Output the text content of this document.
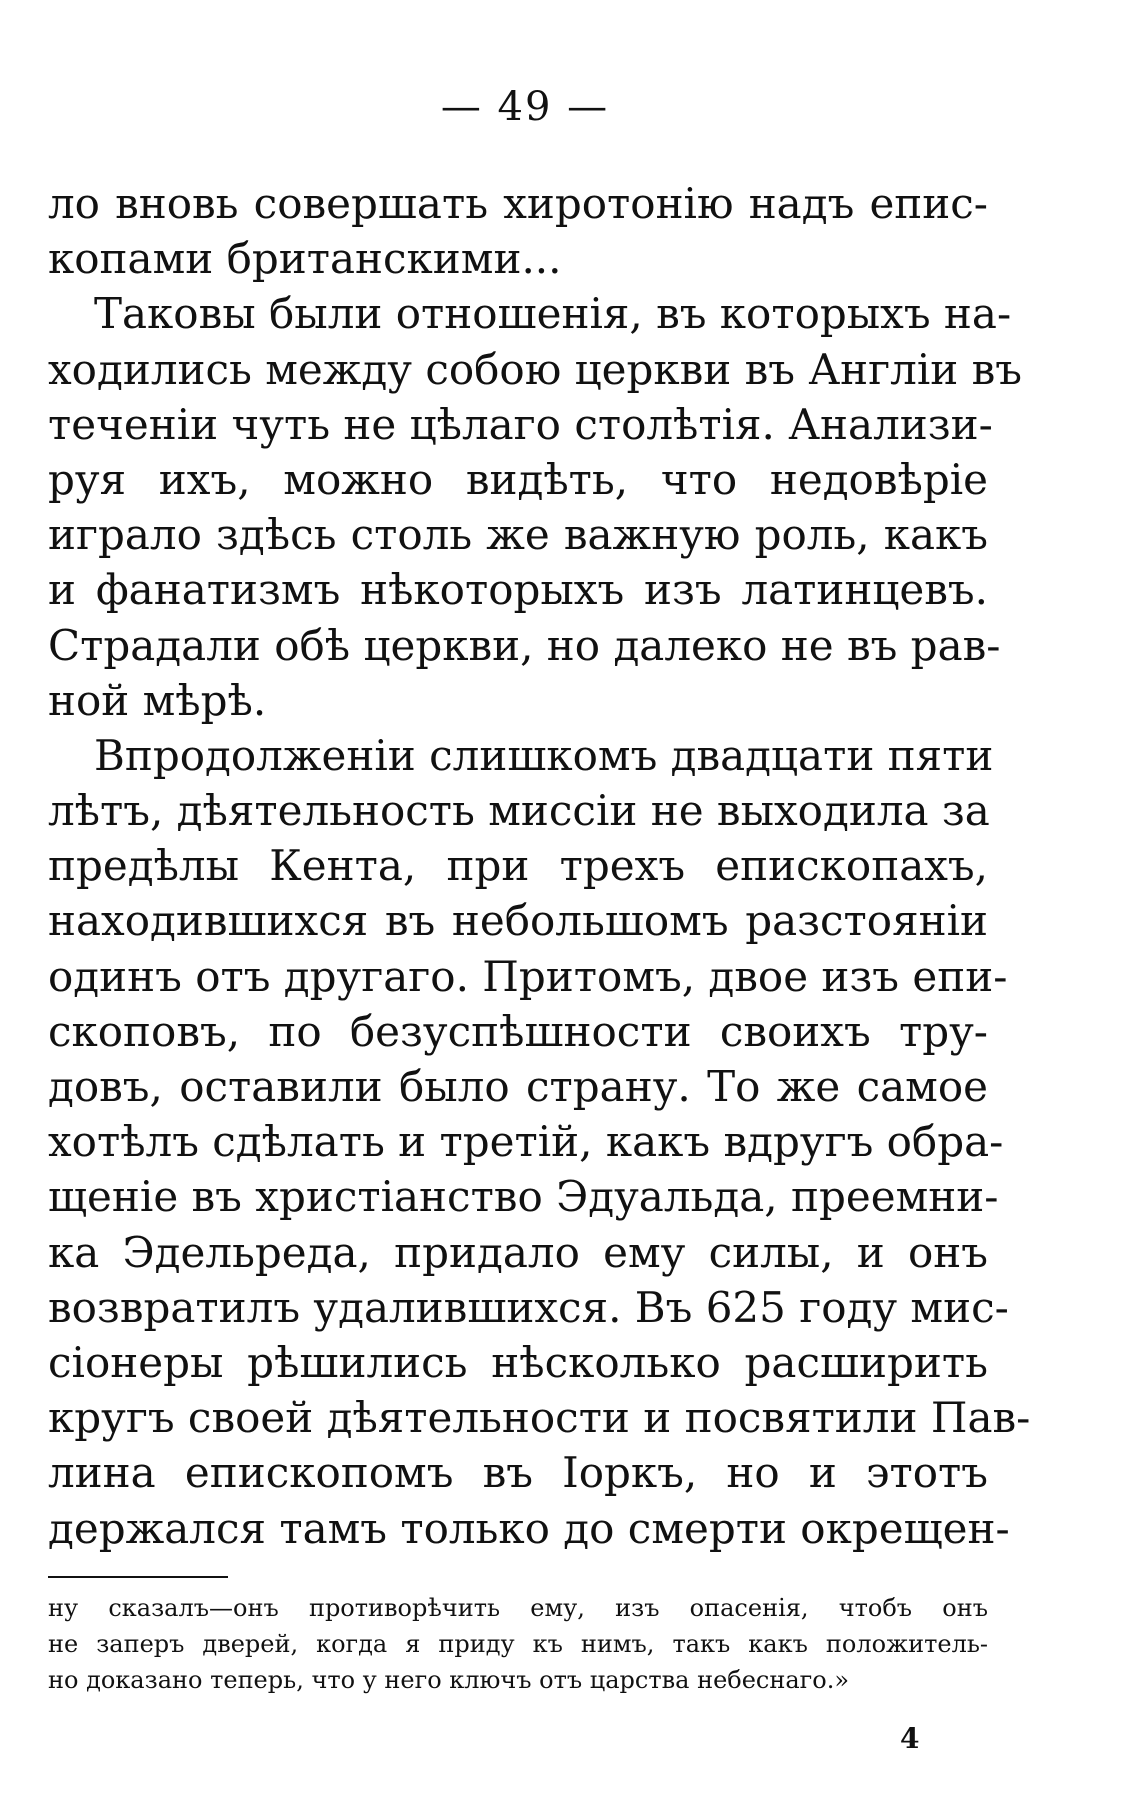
— 49 —
ло вновь совершать хиротонію надъ епис-
копами британскими...
Таковы были отношенія, въ которыхъ на-
ходились между собою церкви въ Англіи въ
теченіи чуть не цѣлаго столѣтія. Анализи-
руя ихъ, можно видѣть, что недовѣріе
играло здѣсь столь же важную роль, какъ
и фанатизмъ нѣкоторыхъ изъ латинцевъ.
Страдали обѣ церкви, но далеко не въ рав-
ной мѣрѣ.
Впродолженіи слишкомъ двадцати пяти
лѣтъ, дѣятельность миссіи не выходила за
предѣлы Кента, при трехъ епископахъ,
находившихся въ небольшомъ разстояніи
одинъ отъ другаго. Притомъ, двое изъ епи-
скоповъ, по безуспѣшности своихъ тру-
довъ, оставили было страну. То же самое
хотѣлъ сдѣлать и третій, какъ вдругъ обра-
щеніе въ христіанство Эдуальда, преемни-
ка Эдельреда, придало ему силы, и онъ
возвратилъ удалившихся. Въ 625 году мис-
сіонеры рѣшились нѣсколько расширить
кругъ своей дѣятельности и посвятили Пав-
лина епископомъ въ Іоркъ, но и этотъ
держался тамъ только до смерти окрещен-
ну сказалъ—онъ противорѣчить ему, изъ опасенія, чтобъ онъ
не заперъ дверей, когда я приду къ нимъ, такъ какъ положитель-
но доказано теперь, что у него ключъ отъ царства небеснаго.»
4
